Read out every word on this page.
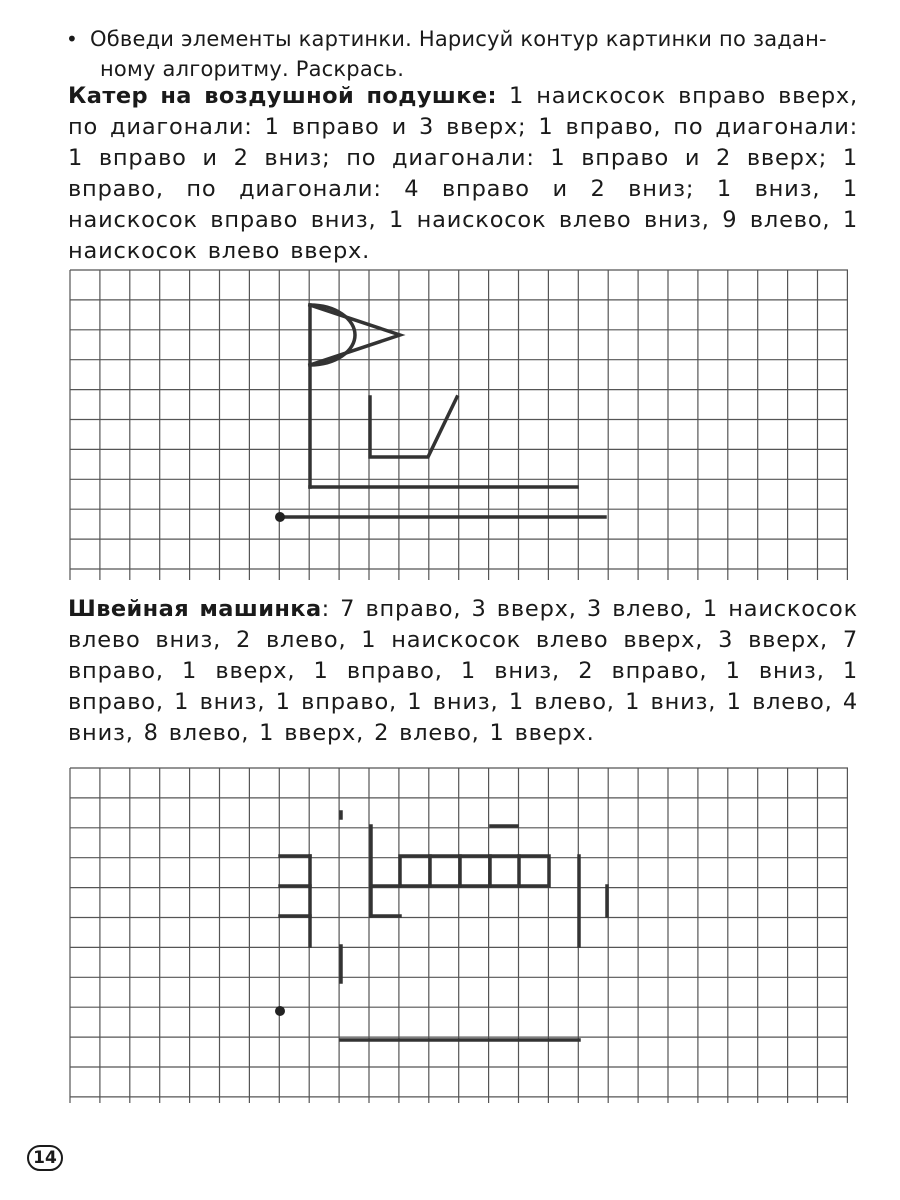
• Обведи элементы картинки. Нарисуй контур картинки по задан-
ному алгоритму. Раскрась.
Катер на воздушной подушке: 1 наискосок вправо вверх, по диагонали: 1 вправо и 3 вверх; 1 вправо, по диагонали: 1 вправо и 2 вниз; по диагонали: 1 вправо и 2 вверх; 1 вправо, по диагонали: 4 вправо и 2 вниз; 1 вниз, 1 наискосок вправо вниз, 1 наискосок влево вниз, 9 влево, 1 наискосок влево вверх.
Швейная машинка: 7 вправо, 3 вверх, 3 влево, 1 наискосок влево вниз, 2 влево, 1 наискосок влево вверх, 3 вверх, 7 вправо, 1 вверх, 1 вправо, 1 вниз, 2 вправо, 1 вниз, 1 вправо, 1 вниз, 1 вправо, 1 вниз, 1 влево, 1 вниз, 1 влево, 4 вниз, 8 влево, 1 вверх, 2 влево, 1 вверх.
14
